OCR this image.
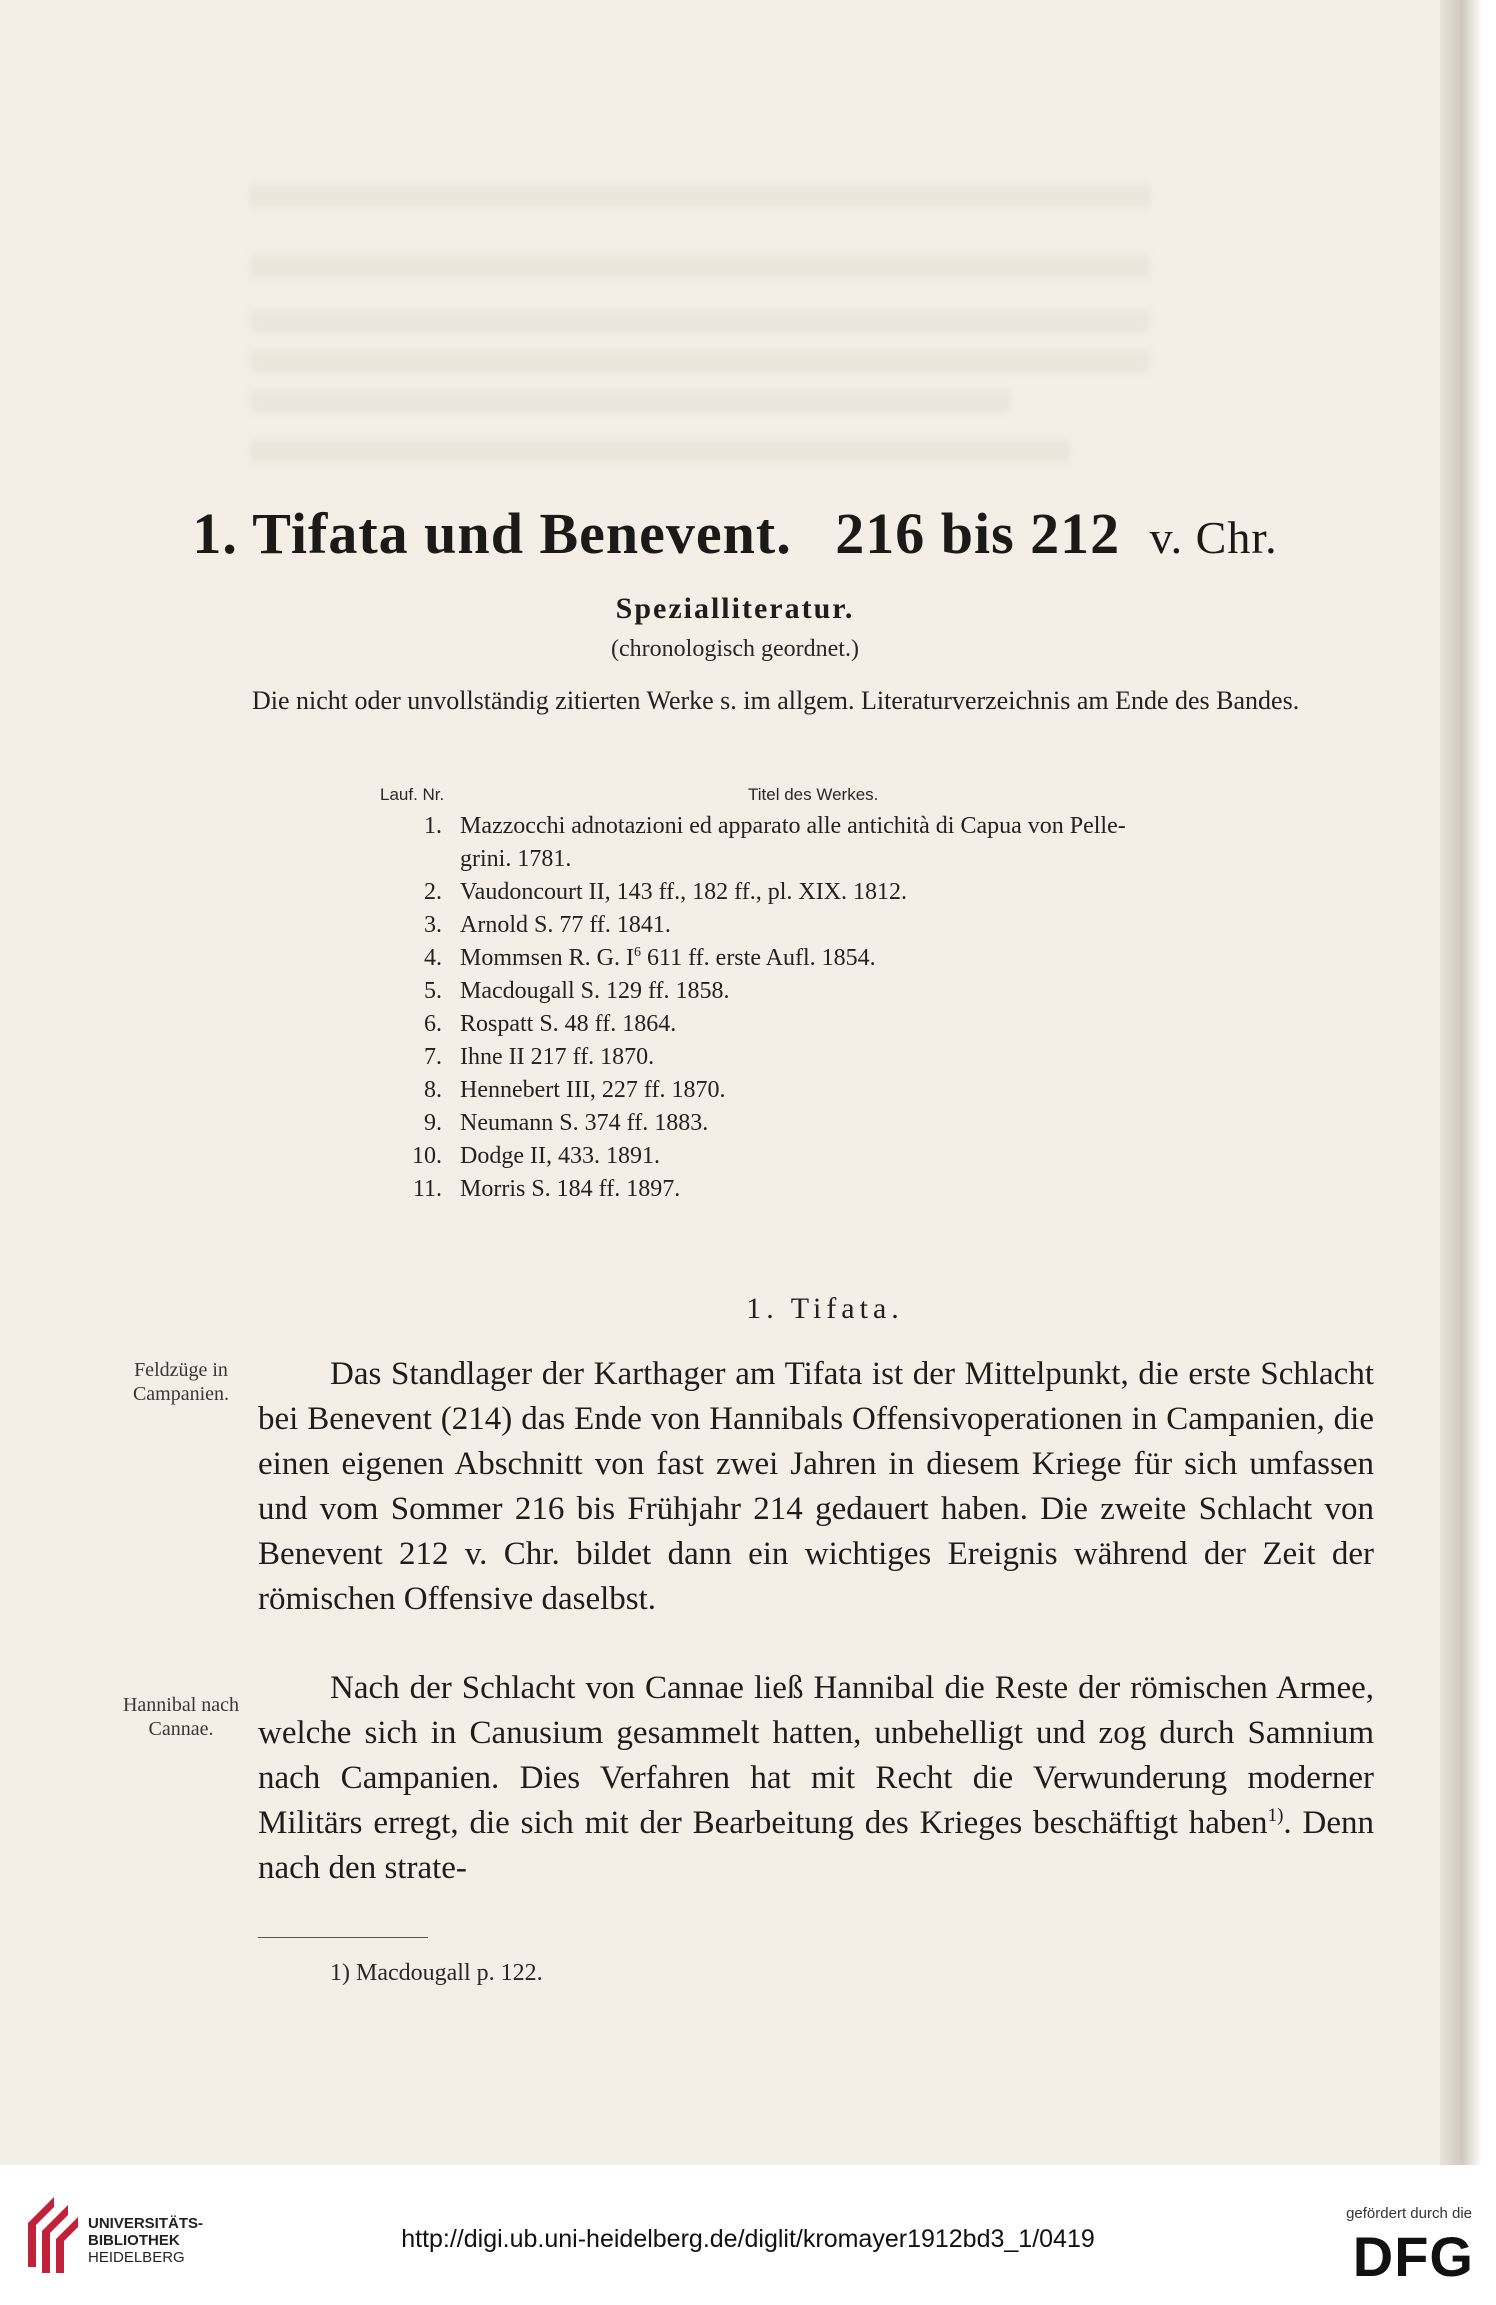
1. Tifata und Benevent. 216 bis 212 v. Chr.
Spezialliteratur.
(chronologisch geordnet.)
Die nicht oder unvollständig zitierten Werke s. im allgem. Literaturverzeichnis am Ende des Bandes.
Lauf. Nr.	Titel des Werkes.
1. Mazzocchi adnotazioni ed apparato alle antichità di Capua von Pelle-
grini. 1781.
2. Vaudoncourt II, 143 ff., 182 ff., pl. XIX. 1812.
3. Arnold S. 77 ff. 1841.
4. Mommsen R. G. $I^6$ 611 ff. erste Aufl. 1854.
5. Macdougall S. 129 ff. 1858.
6. Rospatt S. 48 ff. 1864.
7. Ihne II 217 ff. 1870.
8. Hennebert III, 227 ff. 1870.
9. Neumann S. 374 ff. 1883.
10. Dodge II, 433. 1891.
11. Morris S. 184 ff. 1897.
1. Tifata.
Feldzüge in
Campanien.

Das Standlager der Karthager am Tifata ist der Mittelpunkt, die erste Schlacht bei Benevent (214) das Ende von Hannibals Offensivoperationen in Campanien, die einen eigenen Abschnitt von fast zwei Jahren in diesem Kriege für sich umfassen und vom Sommer 216 bis Frühjahr 214 gedauert haben. Die zweite Schlacht von Benevent 212 v. Chr. bildet dann ein wichtiges Ereignis während der Zeit der römischen Offensive daselbst.

Hannibal nach
Cannae.

Nach der Schlacht von Cannae ließ Hannibal die Reste der römischen Armee, welche sich in Canusium gesammelt hatten, unbehelligt und zog durch Samnium nach Campanien. Dies Verfahren hat mit Recht die Verwunderung moderner Militärs erregt, die sich mit der Bearbeitung des Krieges beschäftigt haben$^{1)}$. Denn nach den strate-

1) Macdougall p. 122.
UNIVERSITÄTS-
BIBLIOTHEK
HEIDELBERG
http://digi.ub.uni-heidelberg.de/diglit/kromayer1912bd3_1/0419
gefördert durch die
DFG
